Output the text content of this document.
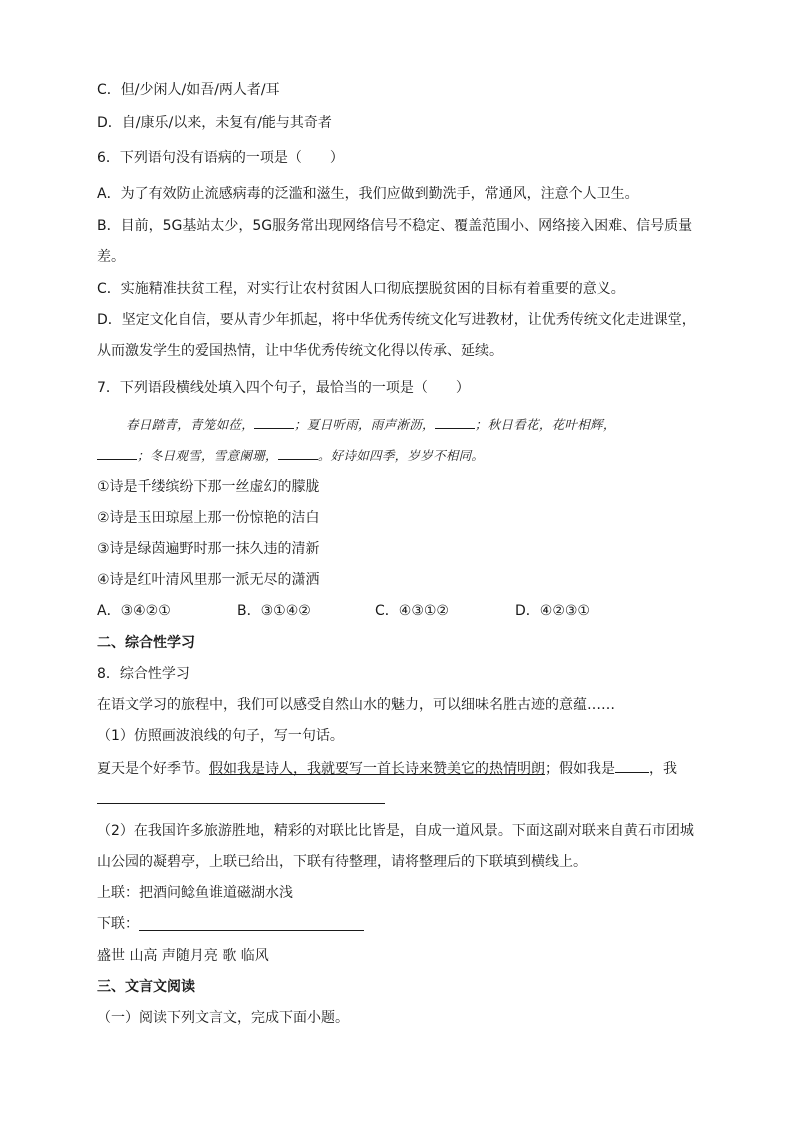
C．但/少闲人/如吾/两人者/耳
D．自/康乐/以来，未复有/能与其奇者
6．下列语句没有语病的一项是（　　）
A．为了有效防止流感病毒的泛滥和滋生，我们应做到勤洗手，常通风，注意个人卫生。
B．目前，5G基站太少，5G服务常出现网络信号不稳定、覆盖范围小、网络接入困难、信号质量
差。
C．实施精准扶贫工程，对实行让农村贫困人口彻底摆脱贫困的目标有着重要的意义。
D．坚定文化自信，要从青少年抓起，将中华优秀传统文化写进教材，让优秀传统文化走进课堂，
从而激发学生的爱国热情，让中华优秀传统文化得以传承、延续。
7．下列语段横线处填入四个句子，最恰当的一项是（　　）
春日踏青，青笼如莅，	；夏日听雨，雨声淅沥，	；秋日看花，花叶相辉，
；冬日观雪，雪意阑珊，	。好诗如四季，岁岁不相同。
①诗是千缕缤纷下那一丝虚幻的朦胧
②诗是玉田琼屋上那一份惊艳的洁白
③诗是绿茵遍野时那一抹久违的清新
④诗是红叶清风里那一派无尽的潇洒
A．③④②①	B．③①④②	C．④③①②	D．④②③①
二、综合性学习
8．综合性学习
在语文学习的旅程中，我们可以感受自然山水的魅力，可以细味名胜古迹的意蕴……
（1）仿照画波浪线的句子，写一句话。
夏天是个好季节。假如我是诗人，我就要写一首长诗来赞美它的热情明朗；假如我是 ，我
（2）在我国许多旅游胜地，精彩的对联比比皆是，自成一道风景。下面这副对联来自黄石市团城
山公园的凝碧亭，上联已给出，下联有待整理，请将整理后的下联填到横线上。
上联：把酒问鲶鱼谁道磁湖水浅
下联：
盛世 山高 声随月亮 歌 临风
三、文言文阅读
（一）阅读下列文言文，完成下面小题。
